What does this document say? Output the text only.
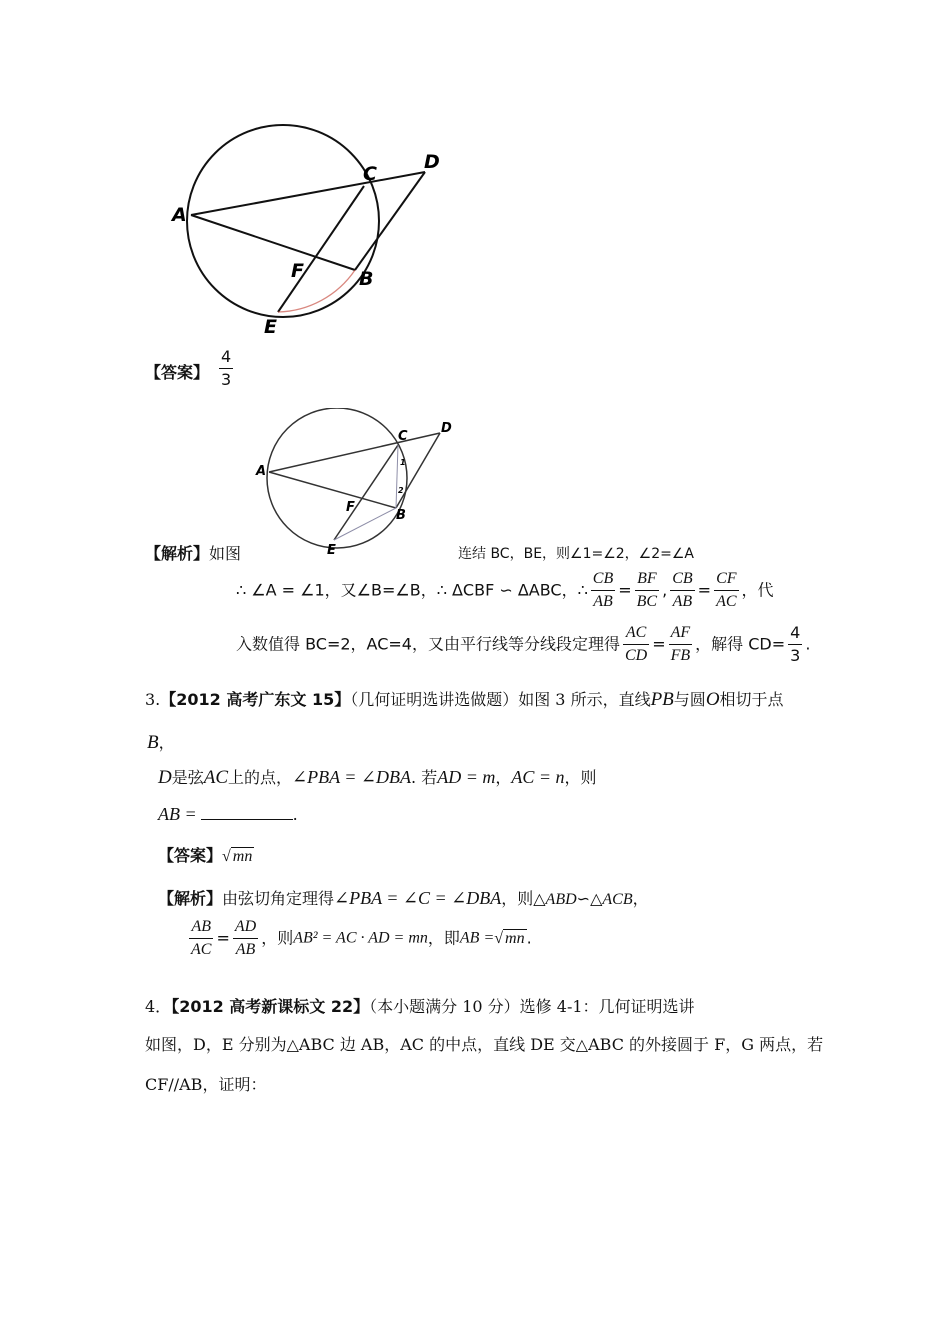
A
C
D
F	B
E
【答案】 $\frac{4}{3}$
A
C
D
F
B
E
1
2
【解析】如图	连结 BC，BE，则∠1=∠2，∠2=∠A
∴ ∠A = ∠1，又∠B=∠B，∴ ΔCBF ∽ ΔABC，∴ $\frac{CB}{AB} = \frac{BF}{BC}$ , $\frac{CB}{AB} = \frac{CF}{AC}$ ，代
入数值得 BC=2，AC=4，又由平行线等分线段定理得 $\frac{AC}{CD} = \frac{AF}{FB}$ ，解得 $CD= \frac{4}{3}$ .
3.【2012 高考广东文 15】（几何证明选讲选做题）如图 3 所示，直线PB与圆O相切于点
B，
D是弦AC上的点，∠PBA = ∠DBA. 若AD = m，AC = n，则
AB =	.
【答案】√ mn
【解析】由弦切角定理得∠PBA = ∠C = ∠DBA，则△ABD∽△ACB，
$\frac{AB}{AC} = \frac{AD}{AB}$ ，则AB² = AC · AD = mn，即AB =√ mn .
4．【2012 高考新课标文 22】（本小题满分 10 分）选修 4-1：几何证明选讲
如图，D，E 分别为△ABC 边 AB，AC 的中点，直线 DE 交△ABC 的外接圆于 F，G 两点，若
CF//AB，证明：
